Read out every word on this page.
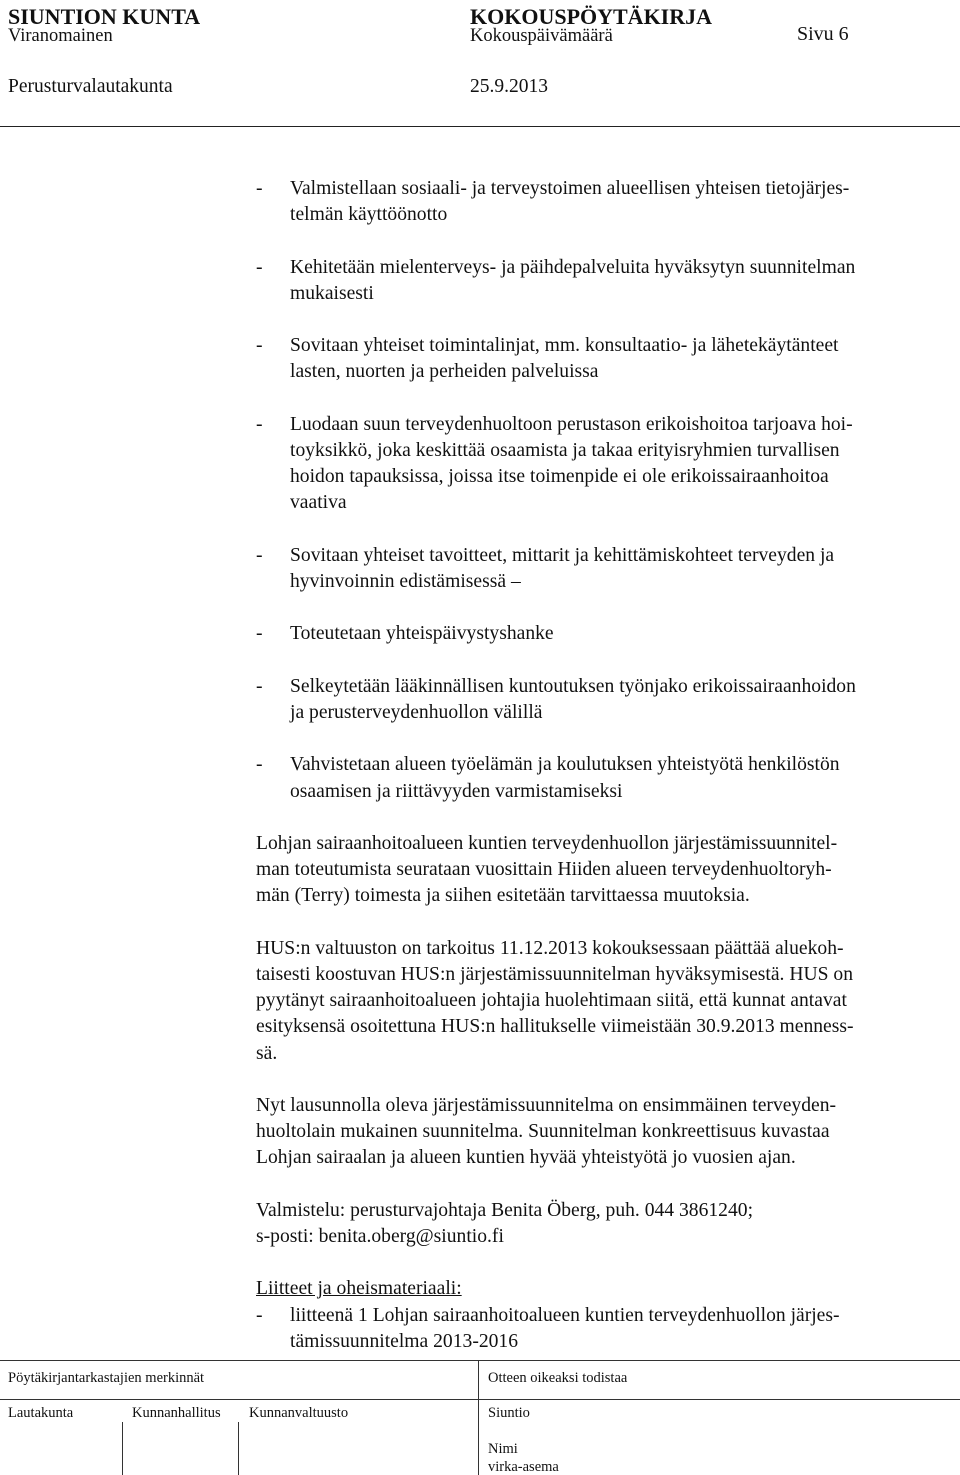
SIUNTION KUNTA	KOKOUSPÖYTÄKIRJA
Viranomainen	Kokouspäivämäärä	Sivu 6
Perusturvalautakunta	25.9.2013
- Valmistellaan sosiaali- ja terveystoimen alueellisen yhteisen tietojärjes-
telmän käyttöönotto
- Kehitetään mielenterveys- ja päihdepalveluita hyväksytyn suunnitelman
mukaisesti
- Sovitaan yhteiset toimintalinjat, mm. konsultaatio- ja lähetekäytänteet
lasten, nuorten ja perheiden palveluissa
- Luodaan suun terveydenhuoltoon perustason erikoishoitoa tarjoava hoi-
toyksikkö, joka keskittää osaamista ja takaa erityisryhmien turvallisen
hoidon tapauksissa, joissa itse toimenpide ei ole erikoissairaanhoitoa
vaativa
- Sovitaan yhteiset tavoitteet, mittarit ja kehittämiskohteet terveyden ja
hyvinvoinnin edistämisessä –
- Toteutetaan yhteispäivystyshanke
- Selkeytetään lääkinnällisen kuntoutuksen työnjako erikoissairaanhoidon
ja perusterveydenhuollon välillä
- Vahvistetaan alueen työelämän ja koulutuksen yhteistyötä henkilöstön
osaamisen ja riittävyyden varmistamiseksi
Lohjan sairaanhoitoalueen kuntien terveydenhuollon järjestämissuunnitel-
man toteutumista seurataan vuosittain Hiiden alueen terveydenhuoltoryh-
män (Terry) toimesta ja siihen esitetään tarvittaessa muutoksia.
HUS:n valtuuston on tarkoitus 11.12.2013 kokouksessaan päättää aluekoh-
taisesti koostuvan HUS:n järjestämissuunnitelman hyväksymisestä. HUS on
pyytänyt sairaanhoitoalueen johtajia huolehtimaan siitä, että kunnat antavat
esityksensä osoitettuna HUS:n hallitukselle viimeistään 30.9.2013 menness-
sä.
Nyt lausunnolla oleva järjestämissuunnitelma on ensimmäinen terveyden-
huoltolain mukainen suunnitelma. Suunnitelman konkreettisuus kuvastaa
Lohjan sairaalan ja alueen kuntien hyvää yhteistyötä jo vuosien ajan.
Valmistelu: perusturvajohtaja Benita Öberg, puh. 044 3861240;
s-posti: benita.oberg@siuntio.fi
Liitteet ja oheismateriaali:
- liitteenä 1 Lohjan sairaanhoitoalueen kuntien terveydenhuollon järjes-
tämissuunnitelma 2013-2016
Pöytäkirjantarkastajien merkinnät	Otteen oikeaksi todistaa
Lautakunta	Kunnanhallitus Kunnanvaltuusto	Siuntio
Nimi
virka-asema
